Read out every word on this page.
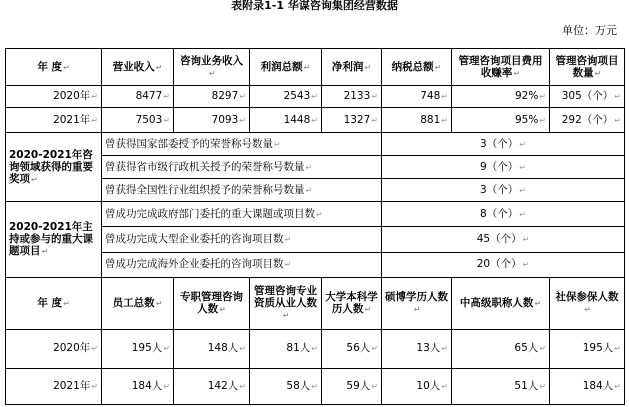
表附录1-1 华谋咨询集团经营数据
单位：万元
年 度↵	营业收入↵	咨询业务收入↵	利润总额↵	净利润↵	纳税总额↵	管理咨询项目费用收赚率↵	管理咨询项目数量↵
2020年↵	8477↵	8297↵	2543↵	2133↵	748↵	92%↵	305（个）↵
2021年↵	7503↵	7093↵	1448↵	1327↵	881↵	95%↵	292（个）↵
2020-2021年咨询领域获得的重要奖项↵	曾获得国家部委授予的荣誉称号数量↵				3（个）↵		
	曾获得省市级行政机关授予的荣誉称号数量↵				9（个）↵		
	曾获得全国性行业组织授予的荣誉称号数量↵				3（个）↵		
2020-2021年主持或参与的重大课题项目↵	曾成功完成政府部门委托的重大课题或项目数↵				8（个）↵		
	曾成功完成大型企业委托的咨询项目数↵				45（个）↵		
	曾成功完成海外企业委托的咨询项目数↵				20（个）↵		
年 度↵	员工总数↵	专职管理咨询人数↵	管理咨询专业资质从业人数↵	大学本科学历人数↵	硕博学历人数↵	中高级职称人数↵	社保参保人数↵
2020年↵	195人↵	148人↵	81人↵	56人↵	13人↵	65人↵	195人↵
2021年↵	184人↵	142人↵	58人↵	59人↵	10人↵	51人↵	184人↵
